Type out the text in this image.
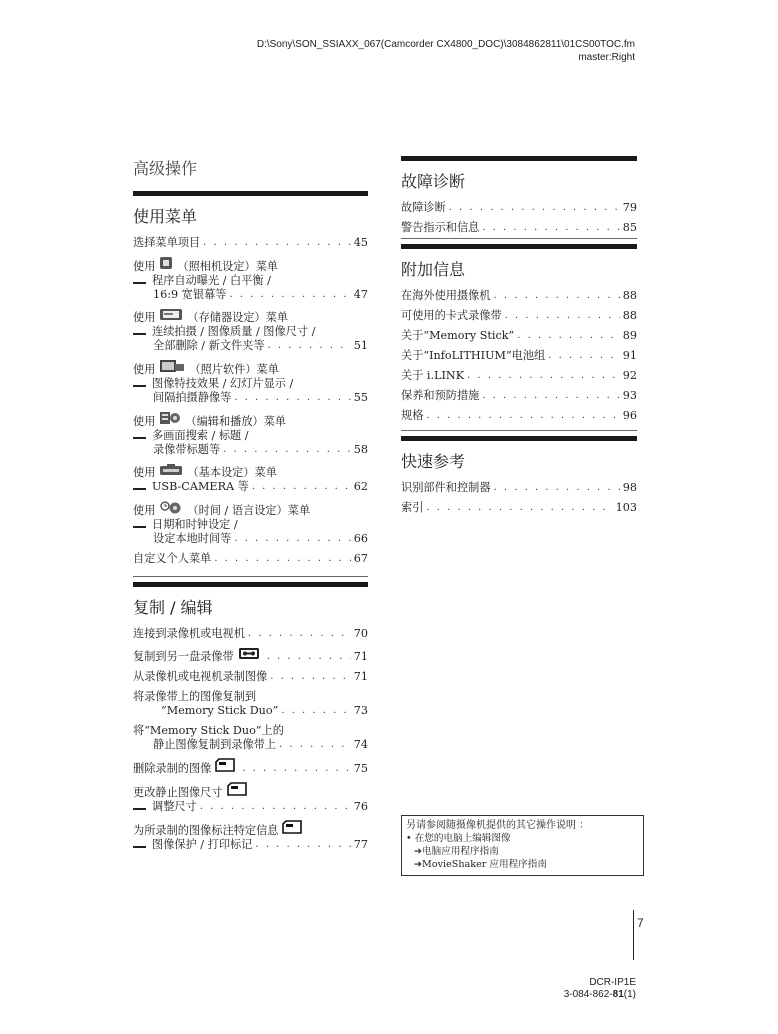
D:\Sony\SON_SSIAXX_067(Camcorder CX4800_DOC)\3084862811\01CS00TOC.fm
master:Right
高级操作
使用菜单
选择菜单项目 . . .	45
使用 （照相机设定）菜单
程序自动曝光 / 白平衡 /
16:9 宽银幕等 . . .	47
使用	（存储器设定）菜单
连续拍摄 / 图像质量 / 图像尺寸 /
全部删除 / 新文件夹等 . . .	51
使用	（照片软件）菜单
图像特技效果 / 幻灯片显示 /
间隔拍摄静像等 . . .	55
使用	（编辑和播放）菜单
多画面搜索 / 标题 /
录像带标题等 . . .	58
使用	（基本设定）菜单
USB-CAMERA 等 . . .	62
使用	（时间 / 语言设定）菜单
日期和时钟设定 /
设定本地时间等 . . .	66
自定义个人菜单 . . .	67
复制 / 编辑
连接到录像机或电视机 . . .	70
复制到另一盘录像带 . . .	71
从录像机或电视机录制图像 . . .	71
将录像带上的图像复制到
“Memory Stick Duo” . . .	73
将“Memory Stick Duo”上的
静止图像复制到录像带上 . . .	74
删除录制的图像 . . .	75
更改静止图像尺寸
调整尺寸 . . .	76
为所录制的图像标注特定信息
图像保护 / 打印标记 . . .	77
故障诊断
故障诊断 . . .	79
警告指示和信息 . . .	85
附加信息
在海外使用摄像机 . . .	88
可使用的卡式录像带 . . .	88
关于“Memory Stick” . . .	89
关于“InfoLITHIUM”电池组 . . .	91
关于 i.LINK . . .	92
保养和预防措施 . . .	93
规格 . . .	96
快速参考
识别部件和控制器 . . .	98
索引 . . .	103
另请参阅随摄像机提供的其它操作说明 ：
• 在您的电脑上编辑图像
➔电脑应用程序指南
➔MovieShaker 应用程序指南
7
DCR-IP1E
3-084-862-81(1)
